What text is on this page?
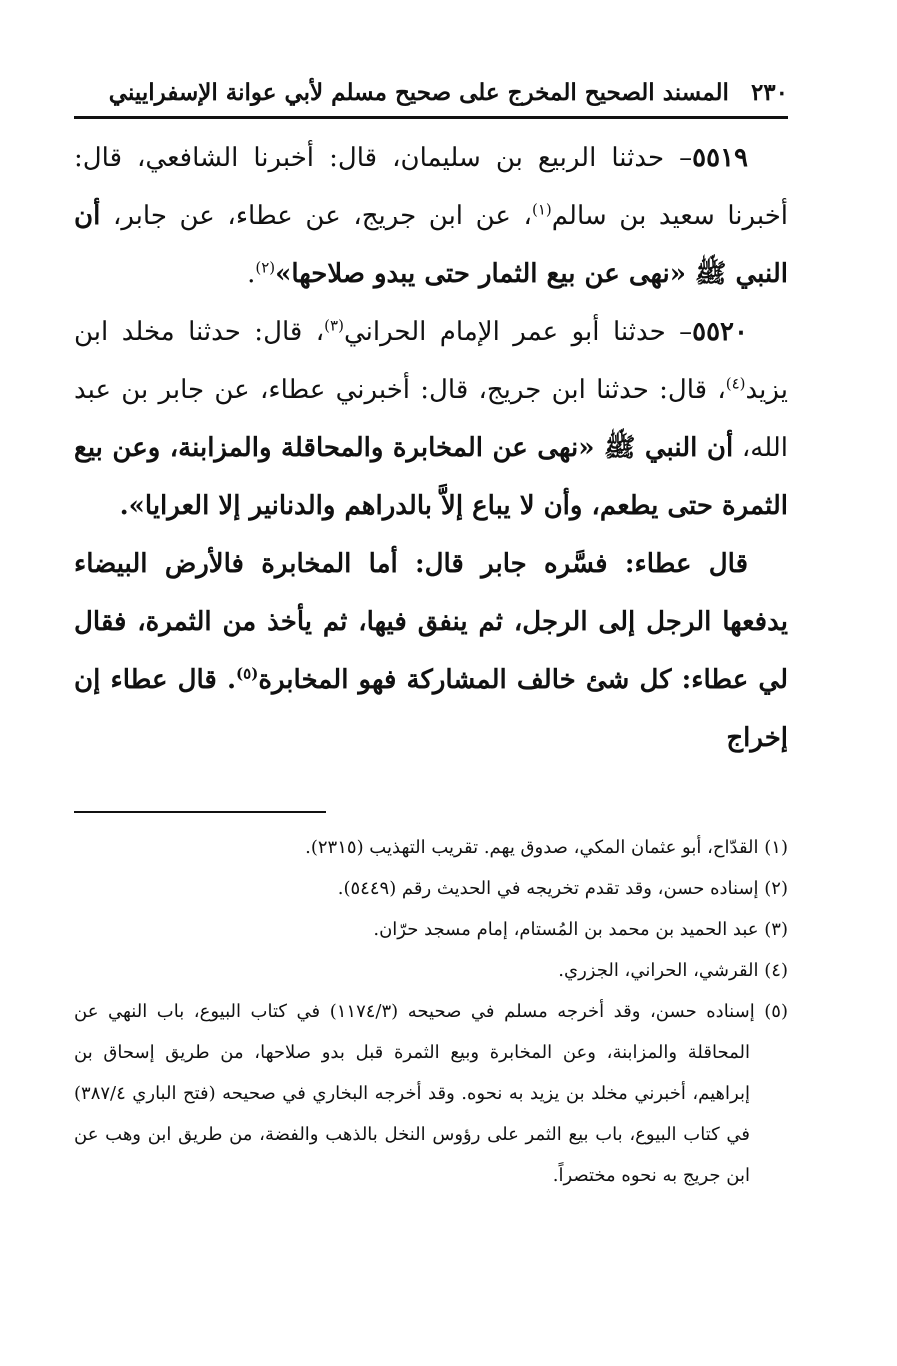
٢٣٠
المسند الصحيح المخرج على صحيح مسلم لأبي عوانة الإسفراييني

٥٥١٩– حدثنا الربيع بن سليمان، قال: أخبرنا الشافعي، قال: أخبرنا سعيد بن سالم$^{(١)}$، عن ابن جريج، عن عطاء، عن جابر، أن النبي ﷺ «نهى عن بيع الثمار حتى يبدو صلاحها»$^{(٢)}$.

٥٥٢٠– حدثنا أبو عمر الإمام الحراني$^{(٣)}$، قال: حدثنا مخلد ابن يزيد$^{(٤)}$، قال: حدثنا ابن جريج، قال: أخبرني عطاء، عن جابر بن عبد الله، أن النبي ﷺ «نهى عن المخابرة والمحاقلة والمزابنة، وعن بيع الثمرة حتى يطعم، وأن لا يباع إلاَّ بالدراهم والدنانير إلا العرايا».

قال عطاء: فسَّره جابر قال: أما المخابرة فالأرض البيضاء يدفعها الرجل إلى الرجل، ثم ينفق فيها، ثم يأخذ من الثمرة، فقال لي عطاء: كل شئ خالف المشاركة فهو المخابرة$^{(٥)}$. قال عطاء إن إخراج

(١) القدّاح، أبو عثمان المكي، صدوق يهم. تقريب التهذيب (٢٣١٥).

(٢) إسناده حسن، وقد تقدم تخريجه في الحديث رقم (٥٤٤٩).

(٣) عبد الحميد بن محمد بن المُستام، إمام مسجد حرّان.

(٤) القرشي، الحراني، الجزري.

(٥) إسناده حسن، وقد أخرجه مسلم في صحيحه (١١٧٤/٣) في كتاب البيوع، باب النهي عن المحاقلة والمزابنة، وعن المخابرة وبيع الثمرة قبل بدو صلاحها، من طريق إسحاق بن إبراهيم، أخبرني مخلد بن يزيد به نحوه. وقد أخرجه البخاري في صحيحه (فتح الباري ٣٨٧/٤) في كتاب البيوع، باب بيع الثمر على رؤوس النخل بالذهب والفضة، من طريق ابن وهب عن ابن جريج به نحوه مختصراً.
